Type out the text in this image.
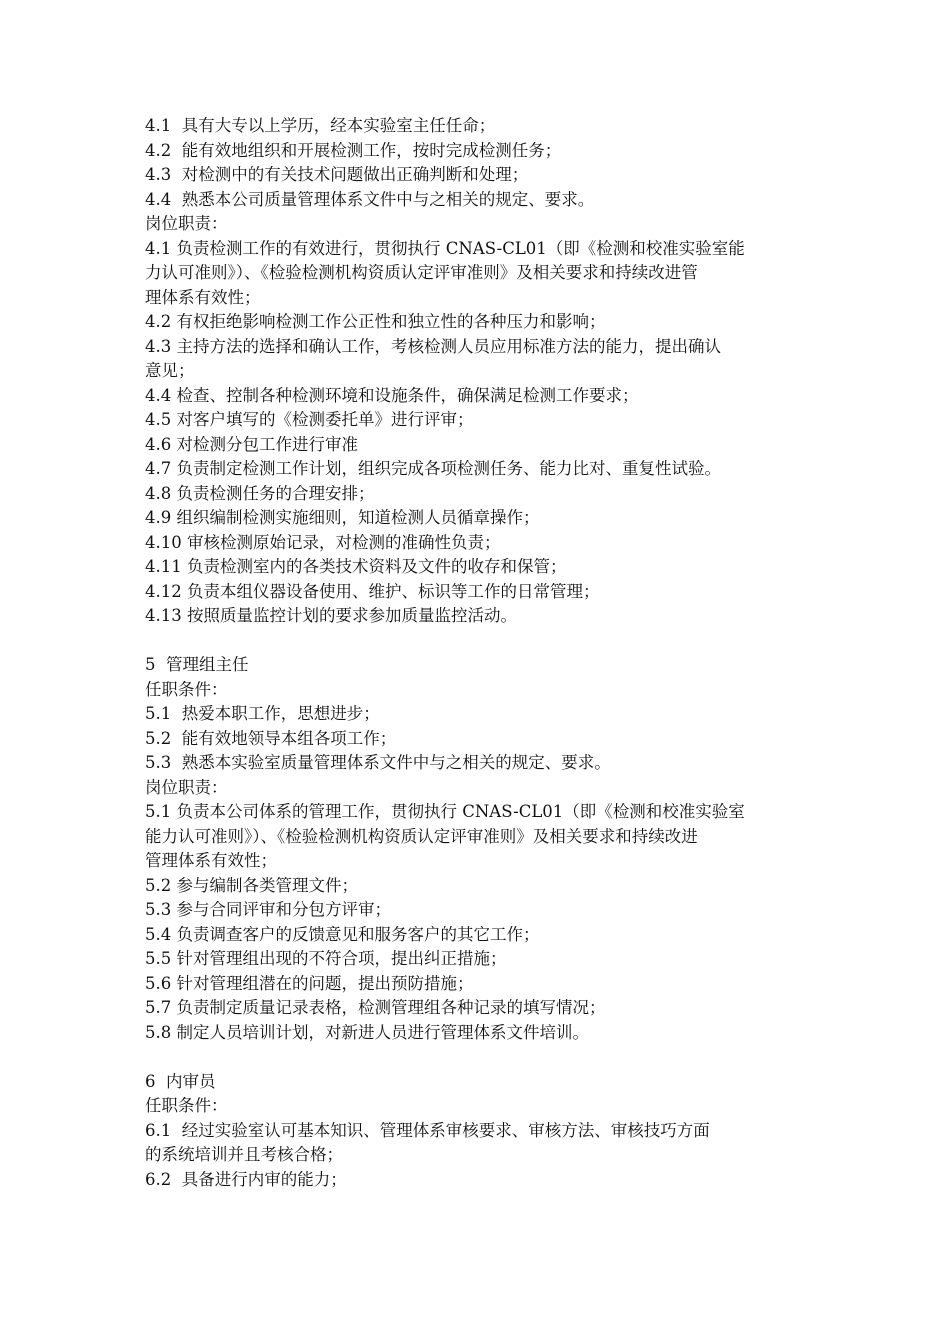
4.1  具有大专以上学历，经本实验室主任任命；
4.2  能有效地组织和开展检测工作，按时完成检测任务；
4.3  对检测中的有关技术问题做出正确判断和处理；
4.4  熟悉本公司质量管理体系文件中与之相关的规定、要求。
岗位职责：
4.1 负责检测工作的有效进行，贯彻执行 CNAS-CL01（即《检测和校准实验室能
力认可准则》）、《检验检测机构资质认定评审准则》及相关要求和持续改进管
理体系有效性；
4.2 有权拒绝影响检测工作公正性和独立性的各种压力和影响；
4.3 主持方法的选择和确认工作，考核检测人员应用标准方法的能力，提出确认
意见；
4.4 检查、控制各种检测环境和设施条件，确保满足检测工作要求；
4.5 对客户填写的《检测委托单》进行评审；
4.6 对检测分包工作进行审准
4.7 负责制定检测工作计划，组织完成各项检测任务、能力比对、重复性试验。
4.8 负责检测任务的合理安排；
4.9 组织编制检测实施细则，知道检测人员循章操作；
4.10 审核检测原始记录，对检测的准确性负责；
4.11 负责检测室内的各类技术资料及文件的收存和保管；
4.12 负责本组仪器设备使用、维护、标识等工作的日常管理；
4.13 按照质量监控计划的要求参加质量监控活动。
5  管理组主任
任职条件：
5.1  热爱本职工作，思想进步；
5.2  能有效地领导本组各项工作；
5.3  熟悉本实验室质量管理体系文件中与之相关的规定、要求。
岗位职责：
5.1 负责本公司体系的管理工作，贯彻执行 CNAS-CL01（即《检测和校准实验室
能力认可准则》）、《检验检测机构资质认定评审准则》及相关要求和持续改进
管理体系有效性；
5.2 参与编制各类管理文件；
5.3 参与合同评审和分包方评审；
5.4 负责调查客户的反馈意见和服务客户的其它工作；
5.5 针对管理组出现的不符合项，提出纠正措施；
5.6 针对管理组潜在的问题，提出预防措施；
5.7 负责制定质量记录表格，检测管理组各种记录的填写情况；
5.8 制定人员培训计划，对新进人员进行管理体系文件培训。
6  内审员
任职条件：
6.1  经过实验室认可基本知识、管理体系审核要求、审核方法、审核技巧方面
的系统培训并且考核合格；
6.2  具备进行内审的能力；
